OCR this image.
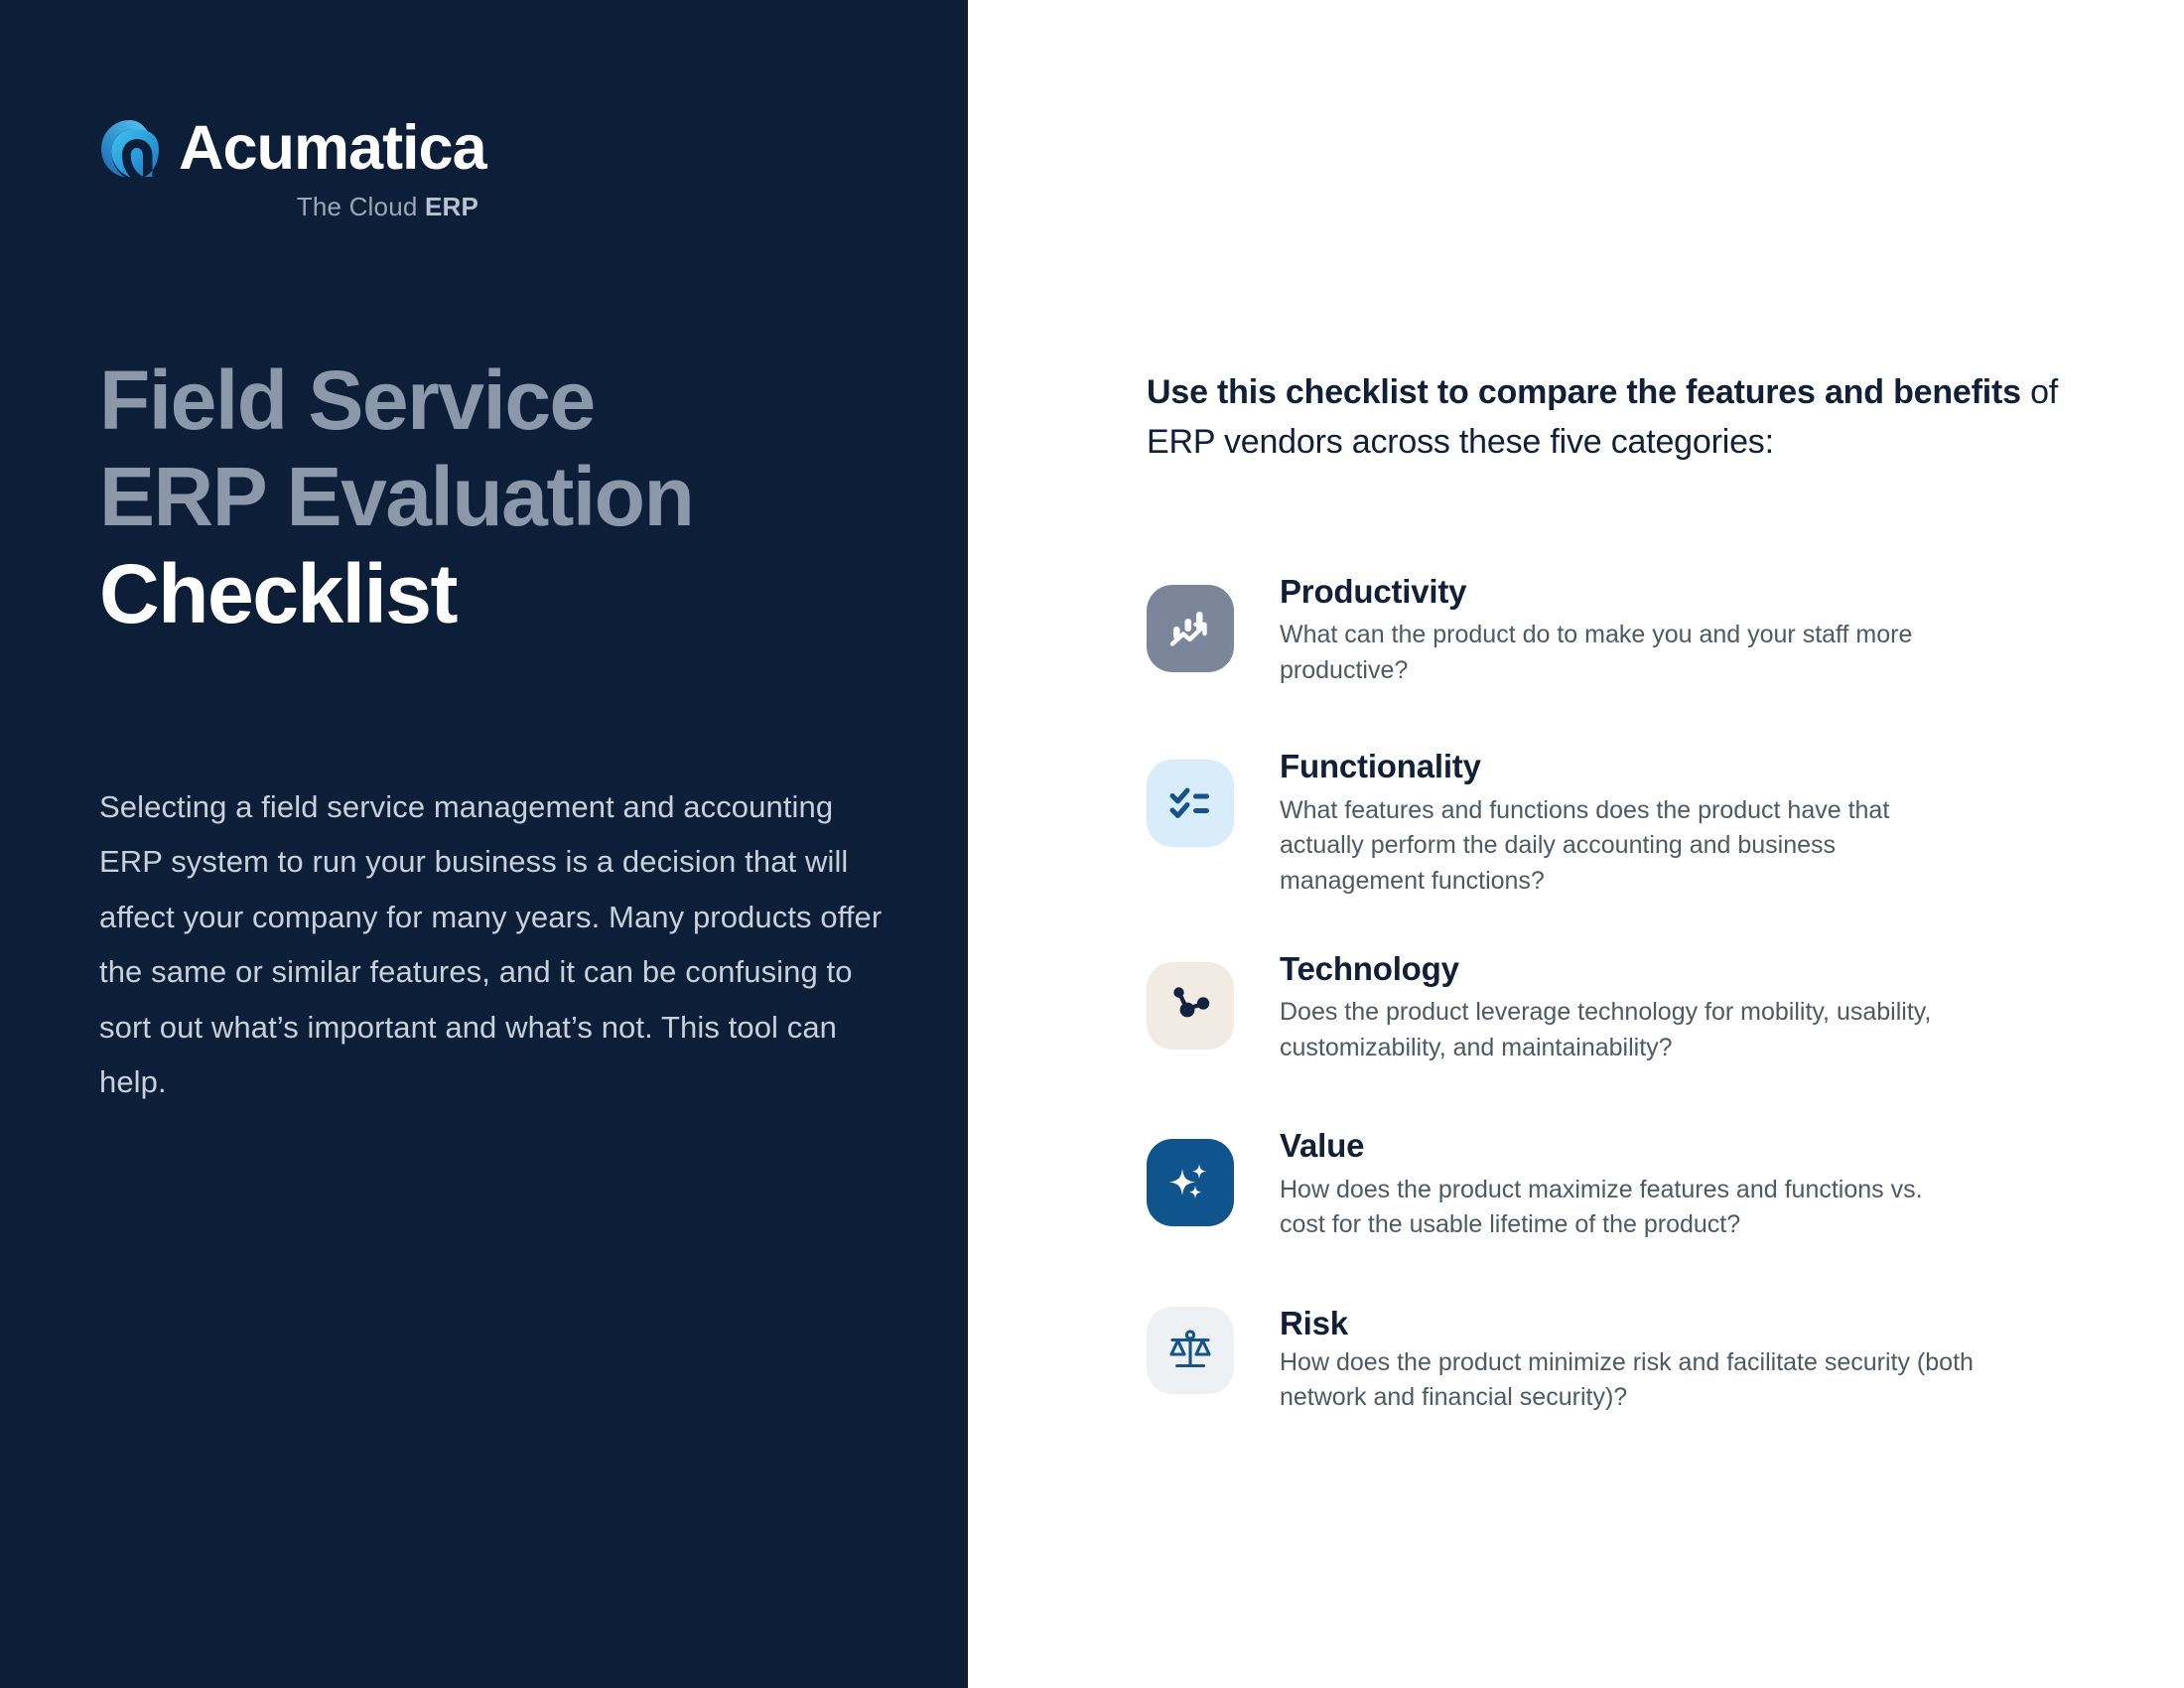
Acumatica
The Cloud ERP
Field Service
ERP Evaluation
Checklist

Selecting a field service management and accounting ERP system to run your business is a decision that will affect your company for many years. Many products offer the same or similar features, and it can be confusing to sort out what’s important and what’s not. This tool can help.

Use this checklist to compare the features and benefits of ERP vendors across these five categories:

Productivity
What can the product do to make you and your staff more productive?
Functionality
What features and functions does the product have that actually perform the daily accounting and business management functions?
Technology
Does the product leverage technology for mobility, usability, customizability, and maintainability?
Value
How does the product maximize features and functions vs. cost for the usable lifetime of the product?
Risk
How does the product minimize risk and facilitate security (both network and financial security)?
